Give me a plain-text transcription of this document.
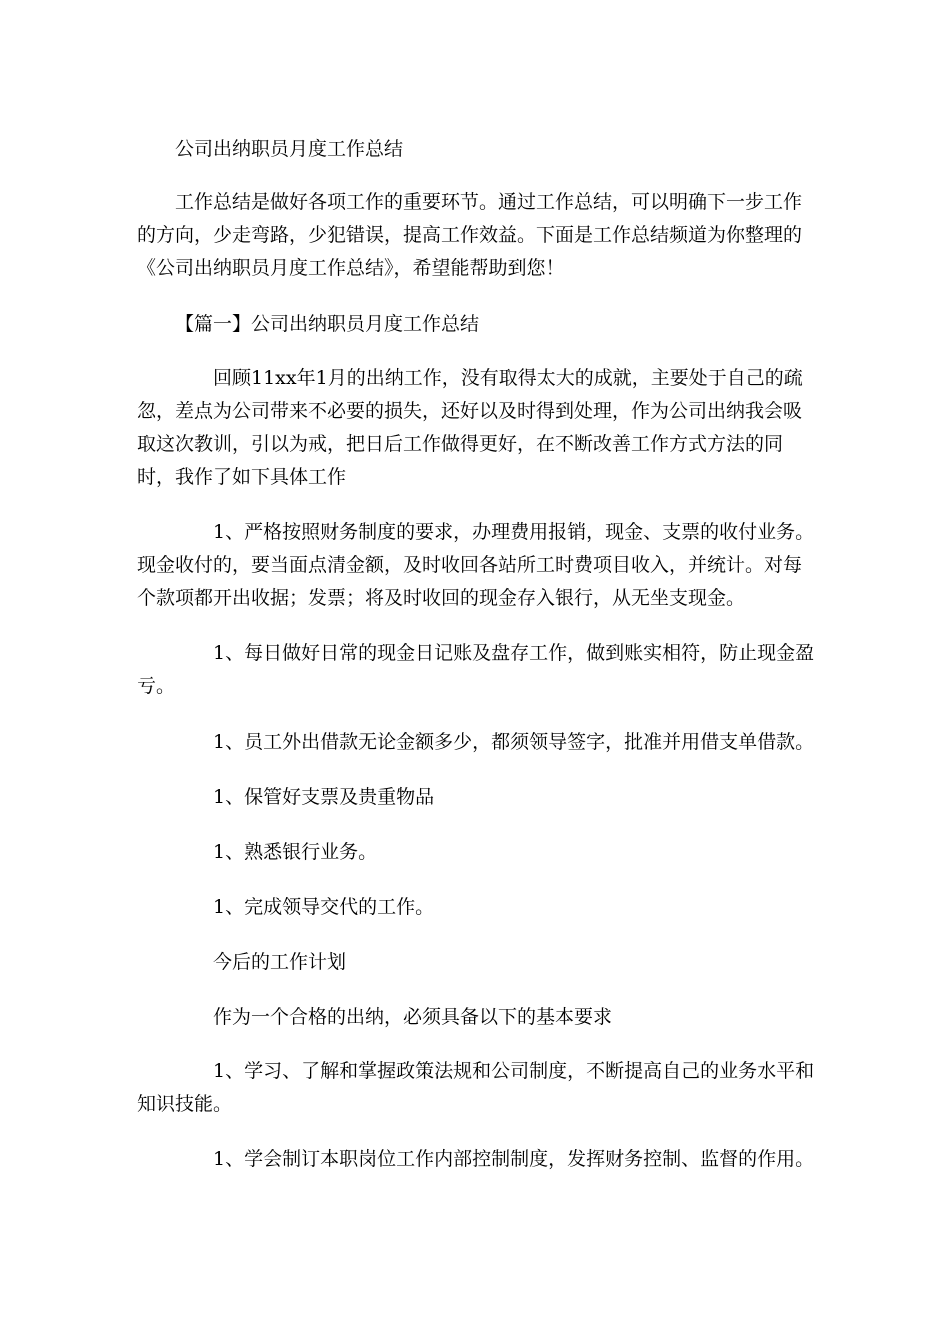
公司出纳职员月度工作总结
工作总结是做好各项工作的重要环节。通过工作总结，可以明确下一步工作的方向，少走弯路，少犯错误，提高工作效益。下面是工作总结频道为你整理的《公司出纳职员月度工作总结》，希望能帮助到您！
【篇一】公司出纳职员月度工作总结
回顾11xx年1月的出纳工作，没有取得太大的成就，主要处于自己的疏忽，差点为公司带来不必要的损失，还好以及时得到处理，作为公司出纳我会吸取这次教训，引以为戒，把日后工作做得更好，在不断改善工作方式方法的同时，我作了如下具体工作
1、严格按照财务制度的要求，办理费用报销，现金、支票的收付业务。现金收付的，要当面点清金额，及时收回各站所工时费项目收入，并统计。对每个款项都开出收据；发票；将及时收回的现金存入银行，从无坐支现金。
1、每日做好日常的现金日记账及盘存工作，做到账实相符，防止现金盈亏。
1、员工外出借款无论金额多少，都须领导签字，批准并用借支单借款。
1、保管好支票及贵重物品
1、熟悉银行业务。
1、完成领导交代的工作。
今后的工作计划
作为一个合格的出纳，必须具备以下的基本要求
1、学习、了解和掌握政策法规和公司制度，不断提高自己的业务水平和知识技能。
1、学会制订本职岗位工作内部控制制度，发挥财务控制、监督的作用。
